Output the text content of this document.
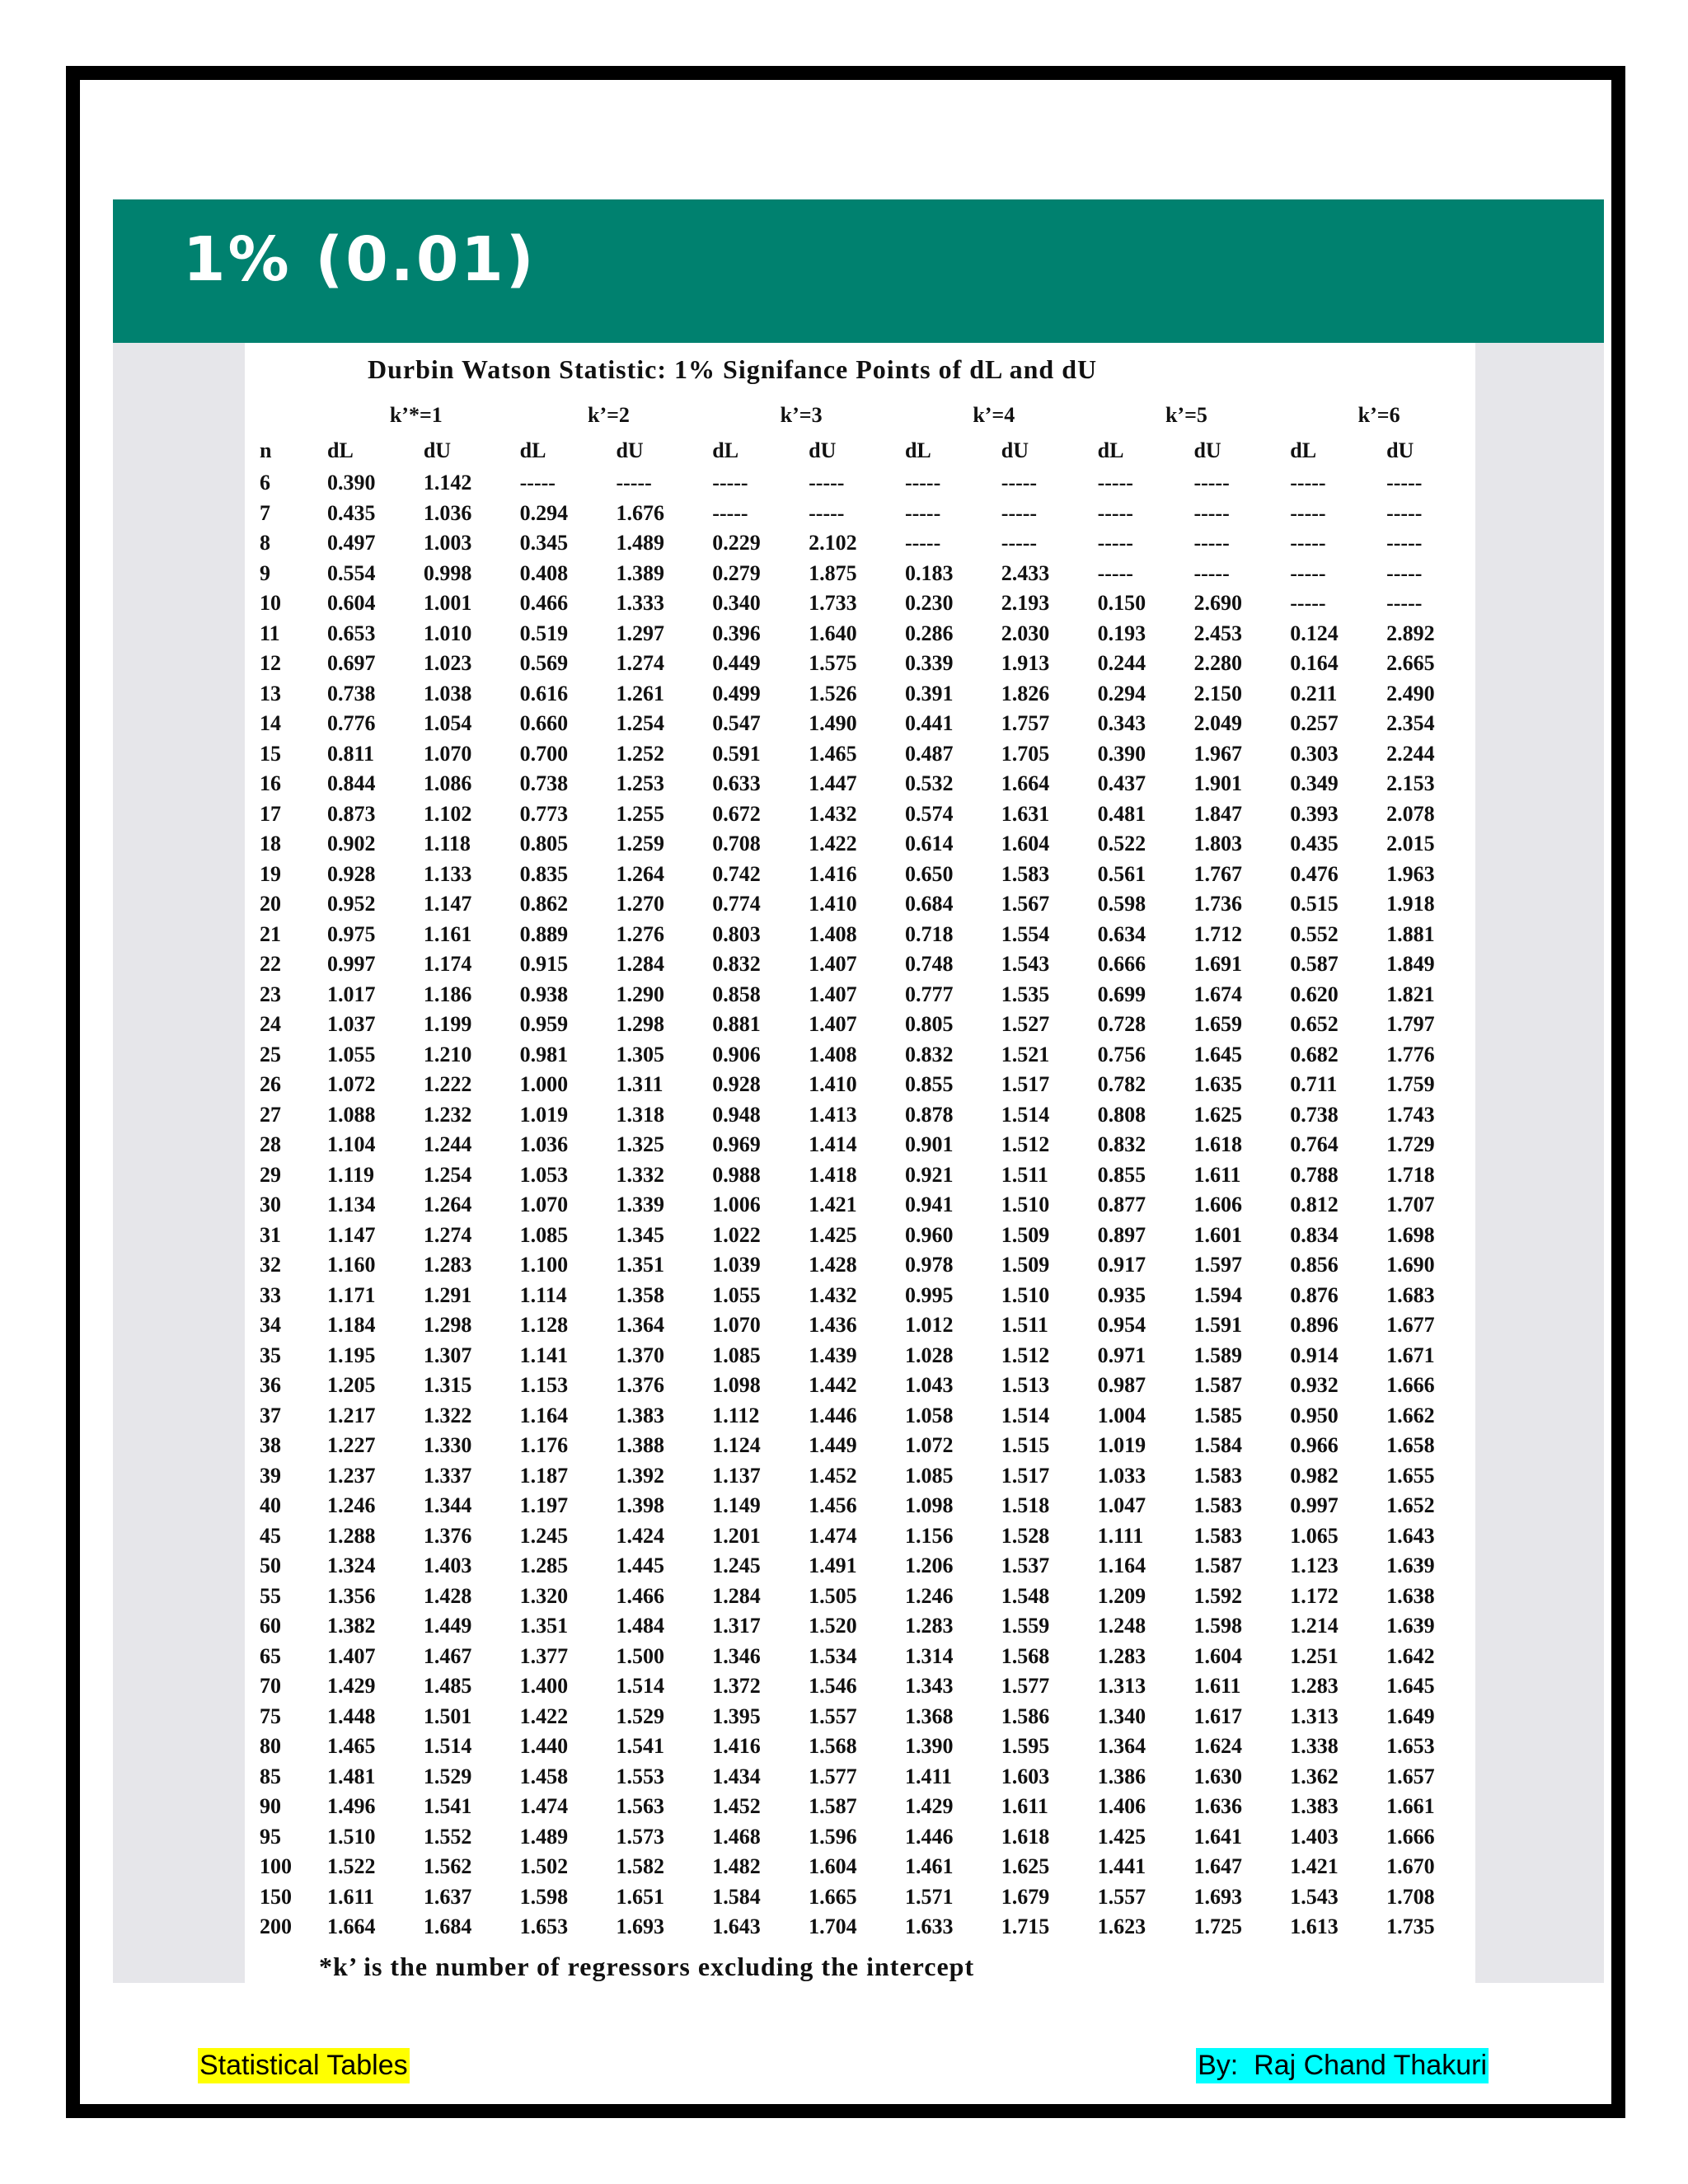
1% (0.01)
Durbin Watson Statistic: 1% Signifance Points of dL and dU
	k’*=1		k’=2		k’=3		k’=4		k’=5		k’=6	
n	dL	dU	dL	dU	dL	dU	dL	dU	dL	dU	dL	dU
6	0.390	1.142	-----	-----	-----	-----	-----	-----	-----	-----	-----	-----
7	0.435	1.036	0.294	1.676	-----	-----	-----	-----	-----	-----	-----	-----
8	0.497	1.003	0.345	1.489	0.229	2.102	-----	-----	-----	-----	-----	-----
9	0.554	0.998	0.408	1.389	0.279	1.875	0.183	2.433	-----	-----	-----	-----
10	0.604	1.001	0.466	1.333	0.340	1.733	0.230	2.193	0.150	2.690	-----	-----
11	0.653	1.010	0.519	1.297	0.396	1.640	0.286	2.030	0.193	2.453	0.124	2.892
12	0.697	1.023	0.569	1.274	0.449	1.575	0.339	1.913	0.244	2.280	0.164	2.665
13	0.738	1.038	0.616	1.261	0.499	1.526	0.391	1.826	0.294	2.150	0.211	2.490
14	0.776	1.054	0.660	1.254	0.547	1.490	0.441	1.757	0.343	2.049	0.257	2.354
15	0.811	1.070	0.700	1.252	0.591	1.465	0.487	1.705	0.390	1.967	0.303	2.244
16	0.844	1.086	0.738	1.253	0.633	1.447	0.532	1.664	0.437	1.901	0.349	2.153
17	0.873	1.102	0.773	1.255	0.672	1.432	0.574	1.631	0.481	1.847	0.393	2.078
18	0.902	1.118	0.805	1.259	0.708	1.422	0.614	1.604	0.522	1.803	0.435	2.015
19	0.928	1.133	0.835	1.264	0.742	1.416	0.650	1.583	0.561	1.767	0.476	1.963
20	0.952	1.147	0.862	1.270	0.774	1.410	0.684	1.567	0.598	1.736	0.515	1.918
21	0.975	1.161	0.889	1.276	0.803	1.408	0.718	1.554	0.634	1.712	0.552	1.881
22	0.997	1.174	0.915	1.284	0.832	1.407	0.748	1.543	0.666	1.691	0.587	1.849
23	1.017	1.186	0.938	1.290	0.858	1.407	0.777	1.535	0.699	1.674	0.620	1.821
24	1.037	1.199	0.959	1.298	0.881	1.407	0.805	1.527	0.728	1.659	0.652	1.797
25	1.055	1.210	0.981	1.305	0.906	1.408	0.832	1.521	0.756	1.645	0.682	1.776
26	1.072	1.222	1.000	1.311	0.928	1.410	0.855	1.517	0.782	1.635	0.711	1.759
27	1.088	1.232	1.019	1.318	0.948	1.413	0.878	1.514	0.808	1.625	0.738	1.743
28	1.104	1.244	1.036	1.325	0.969	1.414	0.901	1.512	0.832	1.618	0.764	1.729
29	1.119	1.254	1.053	1.332	0.988	1.418	0.921	1.511	0.855	1.611	0.788	1.718
30	1.134	1.264	1.070	1.339	1.006	1.421	0.941	1.510	0.877	1.606	0.812	1.707
31	1.147	1.274	1.085	1.345	1.022	1.425	0.960	1.509	0.897	1.601	0.834	1.698
32	1.160	1.283	1.100	1.351	1.039	1.428	0.978	1.509	0.917	1.597	0.856	1.690
33	1.171	1.291	1.114	1.358	1.055	1.432	0.995	1.510	0.935	1.594	0.876	1.683
34	1.184	1.298	1.128	1.364	1.070	1.436	1.012	1.511	0.954	1.591	0.896	1.677
35	1.195	1.307	1.141	1.370	1.085	1.439	1.028	1.512	0.971	1.589	0.914	1.671
36	1.205	1.315	1.153	1.376	1.098	1.442	1.043	1.513	0.987	1.587	0.932	1.666
37	1.217	1.322	1.164	1.383	1.112	1.446	1.058	1.514	1.004	1.585	0.950	1.662
38	1.227	1.330	1.176	1.388	1.124	1.449	1.072	1.515	1.019	1.584	0.966	1.658
39	1.237	1.337	1.187	1.392	1.137	1.452	1.085	1.517	1.033	1.583	0.982	1.655
40	1.246	1.344	1.197	1.398	1.149	1.456	1.098	1.518	1.047	1.583	0.997	1.652
45	1.288	1.376	1.245	1.424	1.201	1.474	1.156	1.528	1.111	1.583	1.065	1.643
50	1.324	1.403	1.285	1.445	1.245	1.491	1.206	1.537	1.164	1.587	1.123	1.639
55	1.356	1.428	1.320	1.466	1.284	1.505	1.246	1.548	1.209	1.592	1.172	1.638
60	1.382	1.449	1.351	1.484	1.317	1.520	1.283	1.559	1.248	1.598	1.214	1.639
65	1.407	1.467	1.377	1.500	1.346	1.534	1.314	1.568	1.283	1.604	1.251	1.642
70	1.429	1.485	1.400	1.514	1.372	1.546	1.343	1.577	1.313	1.611	1.283	1.645
75	1.448	1.501	1.422	1.529	1.395	1.557	1.368	1.586	1.340	1.617	1.313	1.649
80	1.465	1.514	1.440	1.541	1.416	1.568	1.390	1.595	1.364	1.624	1.338	1.653
85	1.481	1.529	1.458	1.553	1.434	1.577	1.411	1.603	1.386	1.630	1.362	1.657
90	1.496	1.541	1.474	1.563	1.452	1.587	1.429	1.611	1.406	1.636	1.383	1.661
95	1.510	1.552	1.489	1.573	1.468	1.596	1.446	1.618	1.425	1.641	1.403	1.666
100	1.522	1.562	1.502	1.582	1.482	1.604	1.461	1.625	1.441	1.647	1.421	1.670
150	1.611	1.637	1.598	1.651	1.584	1.665	1.571	1.679	1.557	1.693	1.543	1.708
200	1.664	1.684	1.653	1.693	1.643	1.704	1.633	1.715	1.623	1.725	1.613	1.735
*k’ is the number of regressors excluding the intercept
Statistical Tables	By:  Raj Chand Thakuri
